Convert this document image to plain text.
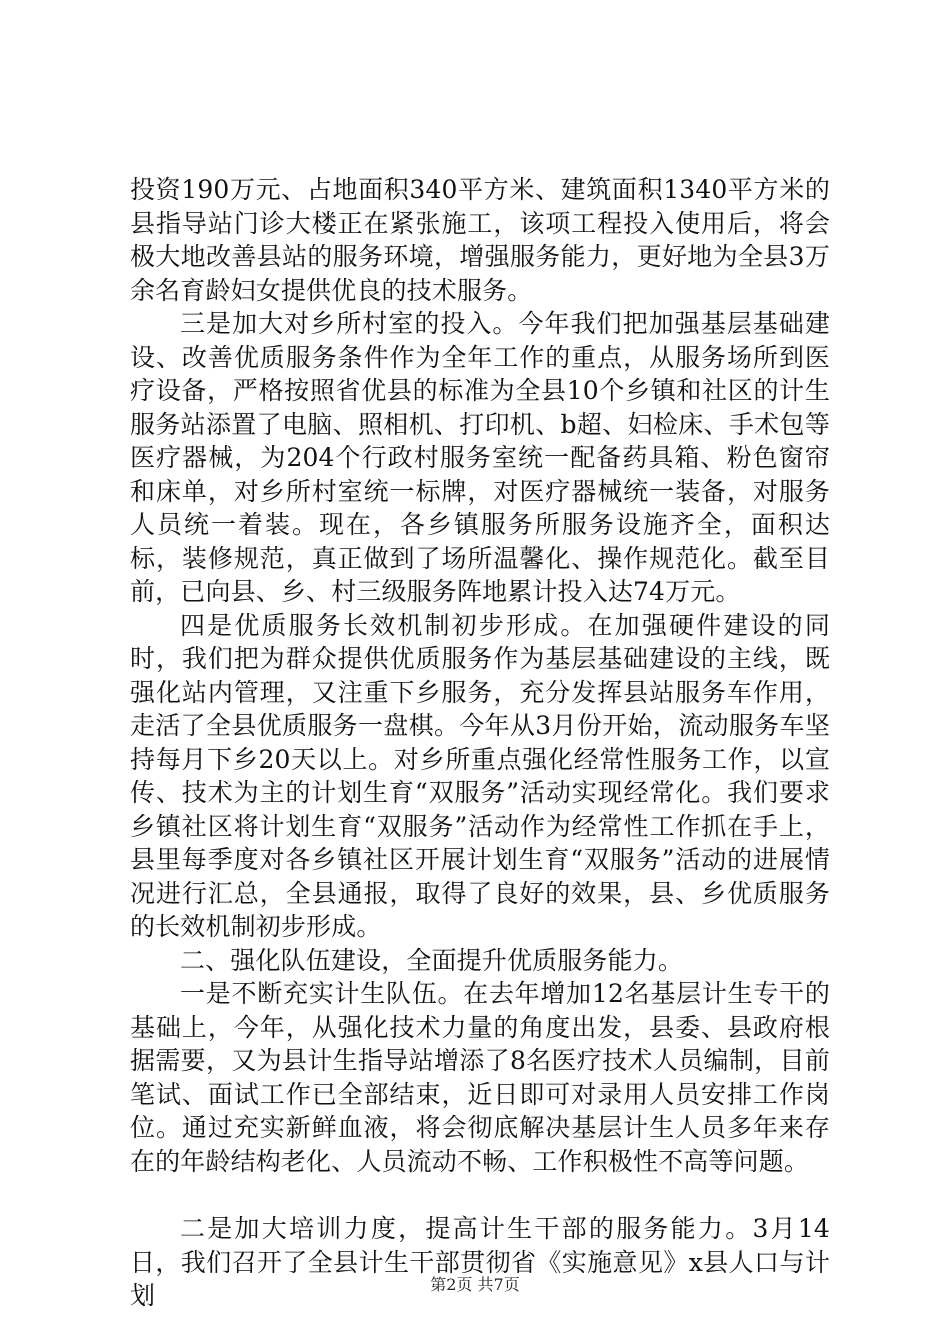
投资190万元、占地面积340平方米、建筑面积1340平方米的县指导站门诊大楼正在紧张施工，该项工程投入使用后，将会极大地改善县站的服务环境，增强服务能力，更好地为全县3万余名育龄妇女提供优良的技术服务。

三是加大对乡所村室的投入。今年我们把加强基层基础建设、改善优质服务条件作为全年工作的重点，从服务场所到医疗设备，严格按照省优县的标准为全县10个乡镇和社区的计生服务站添置了电脑、照相机、打印机、b超、妇检床、手术包等医疗器械，为204个行政村服务室统一配备药具箱、粉色窗帘和床单，对乡所村室统一标牌，对医疗器械统一装备，对服务人员统一着装。现在，各乡镇服务所服务设施齐全，面积达标，装修规范，真正做到了场所温馨化、操作规范化。截至目前，已向县、乡、村三级服务阵地累计投入达74万元。

四是优质服务长效机制初步形成。在加强硬件建设的同时，我们把为群众提供优质服务作为基层基础建设的主线，既强化站内管理，又注重下乡服务，充分发挥县站服务车作用，走活了全县优质服务一盘棋。今年从3月份开始，流动服务车坚持每月下乡20天以上。对乡所重点强化经常性服务工作，以宣传、技术为主的计划生育“双服务”活动实现经常化。我们要求乡镇社区将计划生育“双服务”活动作为经常性工作抓在手上，县里每季度对各乡镇社区开展计划生育“双服务”活动的进展情况进行汇总，全县通报，取得了良好的效果，县、乡优质服务的长效机制初步形成。

二、强化队伍建设，全面提升优质服务能力。

一是不断充实计生队伍。在去年增加12名基层计生专干的基础上，今年，从强化技术力量的角度出发，县委、县政府根据需要，又为县计生指导站增添了8名医疗技术人员编制，目前笔试、面试工作已全部结束，近日即可对录用人员安排工作岗位。通过充实新鲜血液，将会彻底解决基层计生人员多年来存在的年龄结构老化、人员流动不畅、工作积极性不高等问题。

二是加大培训力度，提高计生干部的服务能力。3月14日，我们召开了全县计生干部贯彻省《实施意见》x县人口与计划	第2页 共7页
